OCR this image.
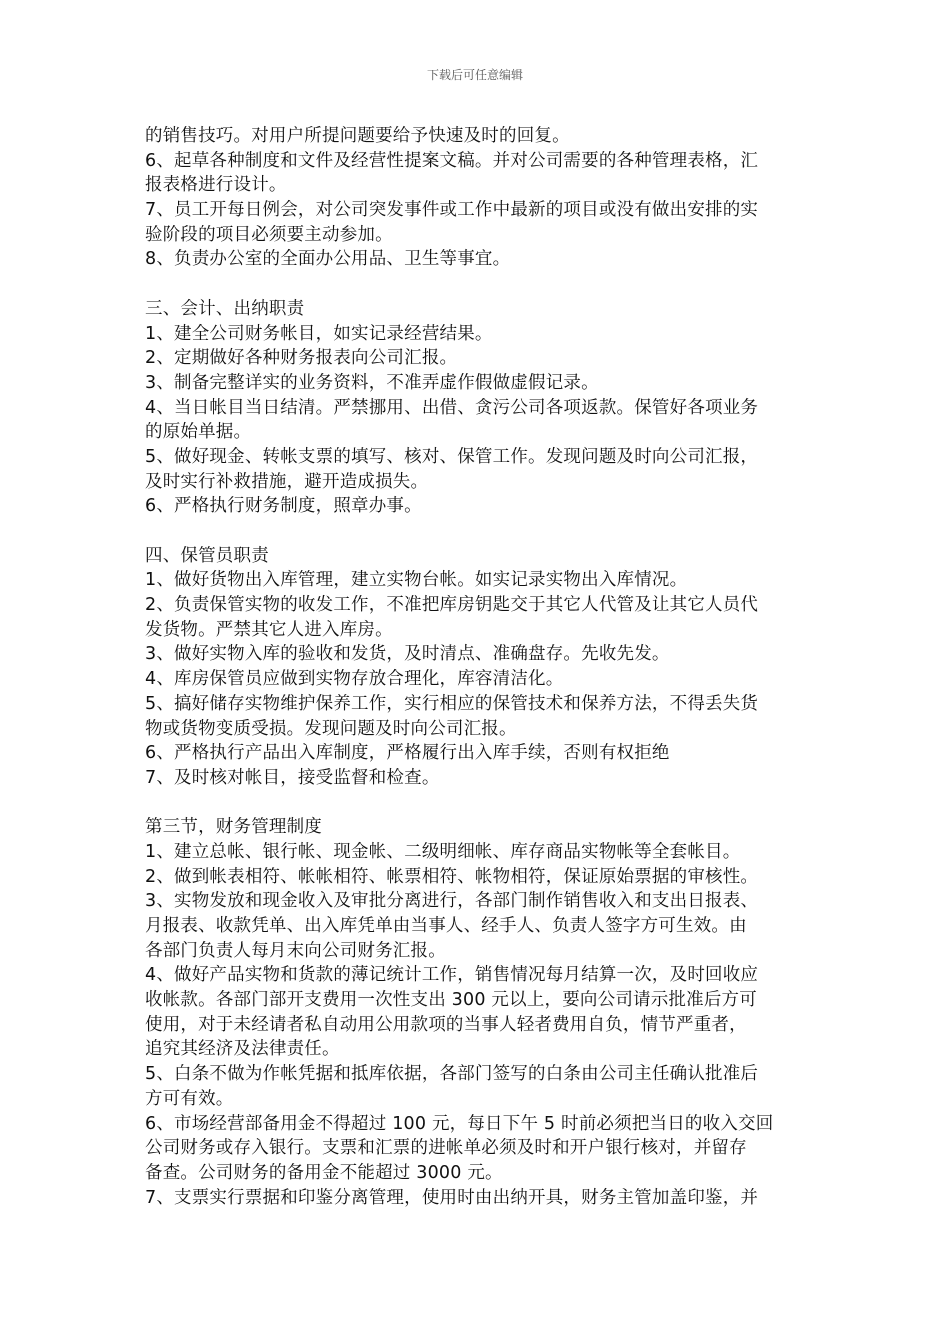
下载后可任意编辑
的销售技巧。对用户所提问题要给予快速及时的回复。
6、起草各种制度和文件及经营性提案文稿。并对公司需要的各种管理表格，汇
报表格进行设计。
7、员工开每日例会，对公司突发事件或工作中最新的项目或没有做出安排的实
验阶段的项目必须要主动参加。
8、负责办公室的全面办公用品、卫生等事宜。
三、会计、出纳职责
1、建全公司财务帐目，如实记录经营结果。
2、定期做好各种财务报表向公司汇报。
3、制备完整详实的业务资料，不准弄虚作假做虚假记录。
4、当日帐目当日结清。严禁挪用、出借、贪污公司各项返款。保管好各项业务
的原始单据。
5、做好现金、转帐支票的填写、核对、保管工作。发现问题及时向公司汇报，
及时实行补救措施，避开造成损失。
6、严格执行财务制度，照章办事。
四、保管员职责
1、做好货物出入库管理，建立实物台帐。如实记录实物出入库情况。
2、负责保管实物的收发工作，不准把库房钥匙交于其它人代管及让其它人员代
发货物。严禁其它人进入库房。
3、做好实物入库的验收和发货，及时清点、准确盘存。先收先发。
4、库房保管员应做到实物存放合理化，库容清洁化。
5、搞好储存实物维护保养工作，实行相应的保管技术和保养方法，不得丢失货
物或货物变质受损。发现问题及时向公司汇报。
6、严格执行产品出入库制度，严格履行出入库手续，否则有权拒绝
7、及时核对帐目，接受监督和检查。
第三节，财务管理制度
1、建立总帐、银行帐、现金帐、二级明细帐、库存商品实物帐等全套帐目。
2、做到帐表相符、帐帐相符、帐票相符、帐物相符，保证原始票据的审核性。
3、实物发放和现金收入及审批分离进行，各部门制作销售收入和支出日报表、
月报表、收款凭单、出入库凭单由当事人、经手人、负责人签字方可生效。由
各部门负责人每月末向公司财务汇报。
4、做好产品实物和货款的薄记统计工作，销售情况每月结算一次，及时回收应
收帐款。各部门部开支费用一次性支出 300 元以上，要向公司请示批准后方可
使用，对于未经请者私自动用公用款项的当事人轻者费用自负，情节严重者，
追究其经济及法律责任。
5、白条不做为作帐凭据和抵库依据，各部门签写的白条由公司主任确认批准后
方可有效。
6、市场经营部备用金不得超过 100 元，每日下午 5 时前必须把当日的收入交回
公司财务或存入银行。支票和汇票的进帐单必须及时和开户银行核对，并留存
备查。公司财务的备用金不能超过 3000 元。
7、支票实行票据和印鉴分离管理，使用时由出纳开具，财务主管加盖印鉴，并
